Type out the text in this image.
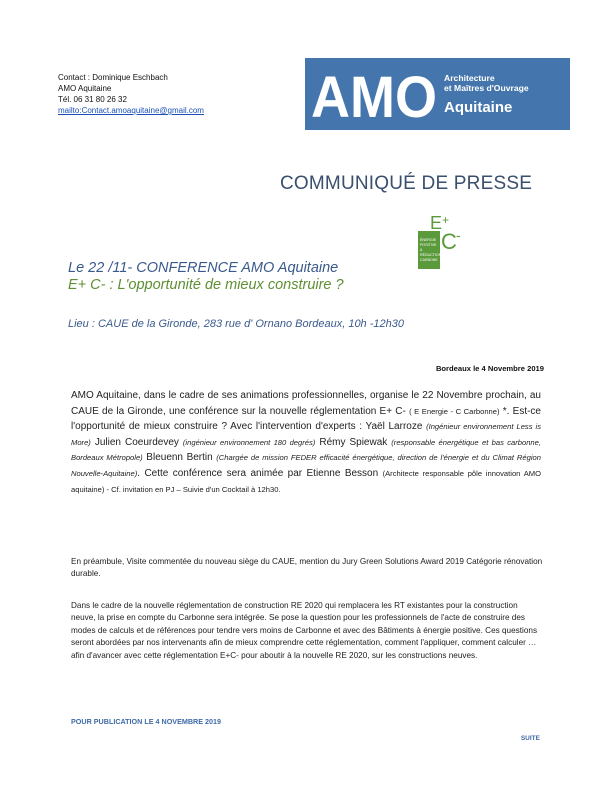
Contact : Dominique Eschbach
AMO Aquitaine
Tél. 06 31 80 26 32
mailto:Contact.amoaquitaine@gmail.com AMO Architecture
et Maîtres d'Ouvrage
Aquitaine
COMMUNIQUÉ DE PRESSE
E +
C -
ÉNERGIE
POSITIVE
&
RÉDUCTION
CARBONE
Le 22 /11- CONFERENCE AMO Aquitaine
E+ C- : L'opportunité de mieux construire ?
Lieu : CAUE de la Gironde, 283 rue d' Ornano Bordeaux, 10h -12h30
Bordeaux le 4 Novembre 2019
AMO Aquitaine, dans le cadre de ses animations professionnelles, organise le 22 Novembre prochain, au CAUE de la Gironde, une conférence sur la nouvelle réglementation E+ C- ( E Energie - C Carbonne) *. Est-ce l'opportunité de mieux construire ? Avec l'intervention d'experts : Yaël Larroze (Ingénieur environnement Less is More) Julien Coeurdevey (ingénieur environnement 180 degrés) Rémy Spiewak (responsable énergétique et bas carbonne, Bordeaux Métropole) Bleuenn Bertin (Chargée de mission FEDER efficacité énergétique, direction de l'énergie et du Climat Région Nouvelle-Aquitaine). Cette conférence sera animée par Etienne Besson (Architecte responsable pôle innovation AMO aquitaine) - Cf. invitation en PJ – Suivie d'un Cocktail à 12h30.
En préambule, Visite commentée du nouveau siège du CAUE, mention du Jury Green Solutions Award 2019 Catégorie rénovation durable.
Dans le cadre de la nouvelle réglementation de construction RE 2020 qui remplacera les RT existantes pour la construction neuve, la prise en compte du Carbonne sera intégrée. Se pose la question pour les professionnels de l'acte de construire des modes de calculs et de références pour tendre vers moins de Carbonne et avec des Bâtiments à énergie positive. Ces questions seront abordées par nos intervenants afin de mieux comprendre cette réglementation, comment l'appliquer, comment calculer …afin d'avancer avec cette réglementation E+C- pour aboutir à la nouvelle RE 2020, sur les constructions neuves.
POUR PUBLICATION LE 4 NOVEMBRE 2019
SUITE
